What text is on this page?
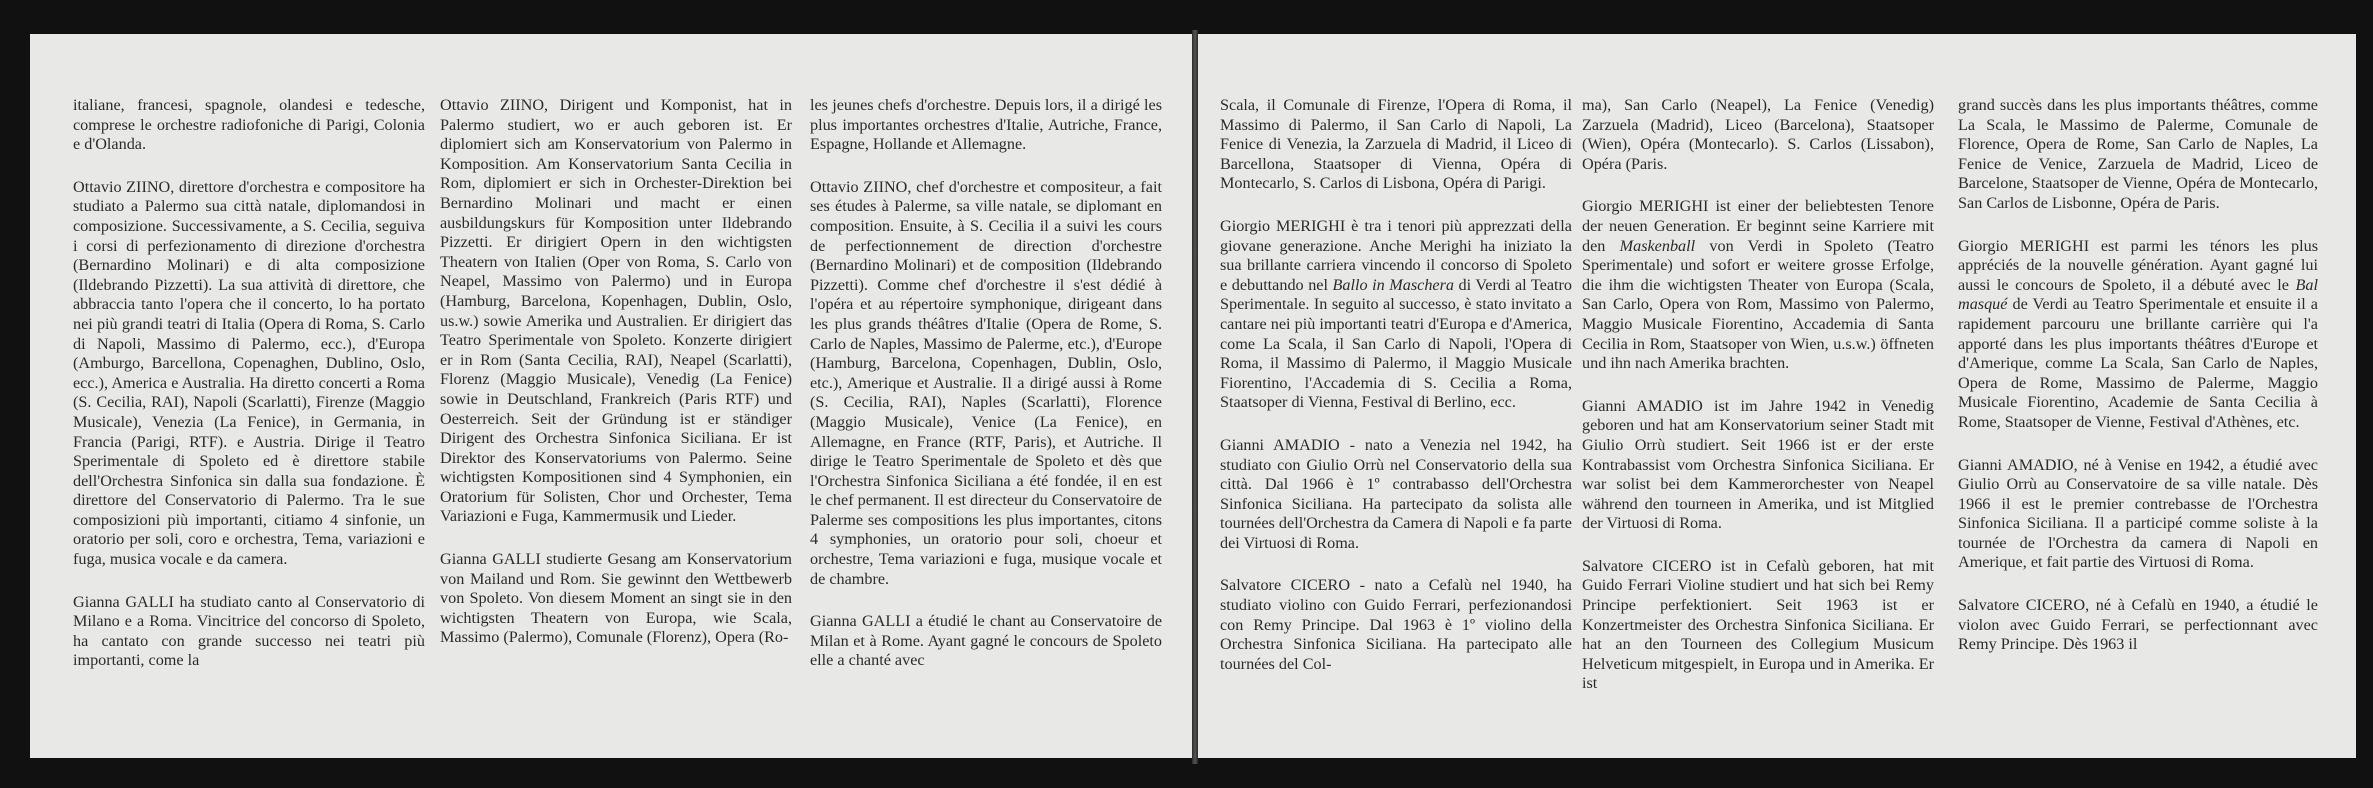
italiane, francesi, spagnole, olandesi e tedesche, comprese le orchestre radiofoniche di Parigi, Colonia e d'Olanda.

Ottavio ZIINO, direttore d'orchestra e compositore ha studiato a Palermo sua città natale, diplomandosi in composizione. Successivamente, a S. Cecilia, seguiva i corsi di perfezionamento di direzione d'orchestra (Bernardino Molinari) e di alta composizione (Ildebrando Pizzetti). La sua attività di direttore, che abbraccia tanto l'opera che il concerto, lo ha portato nei più grandi teatri di Italia (Opera di Roma, S. Carlo di Napoli, Massimo di Palermo, ecc.), d'Europa (Amburgo, Barcellona, Copenaghen, Dublino, Oslo, ecc.), America e Australia. Ha diretto concerti a Roma (S. Cecilia, RAI), Napoli (Scarlatti), Firenze (Maggio Musicale), Venezia (La Fenice), in Germania, in Francia (Parigi, RTF). e Austria. Dirige il Teatro Sperimentale di Spoleto ed è direttore stabile dell'Orchestra Sinfonica sin dalla sua fondazione. È direttore del Conservatorio di Palermo. Tra le sue composizioni più importanti, citiamo 4 sinfonie, un oratorio per soli, coro e orchestra, Tema, variazioni e fuga, musica vocale e da camera.

Gianna GALLI ha studiato canto al Conservatorio di Milano e a Roma. Vincitrice del concorso di Spoleto, ha cantato con grande successo nei teatri più importanti, come la

Ottavio ZIINO, Dirigent und Komponist, hat in Palermo studiert, wo er auch geboren ist. Er diplomiert sich am Konservatorium von Palermo in Komposition. Am Konservatorium Santa Cecilia in Rom, diplomiert er sich in Orchester-Direktion bei Bernardino Molinari und macht er einen ausbildungskurs für Komposition unter Ildebrando Pizzetti. Er dirigiert Opern in den wichtigsten Theatern von Italien (Oper von Roma, S. Carlo von Neapel, Massimo von Palermo) und in Europa (Hamburg, Barcelona, Kopenhagen, Dublin, Oslo, us.w.) sowie Amerika und Australien. Er dirigiert das Teatro Sperimentale von Spoleto. Konzerte dirigiert er in Rom (Santa Cecilia, RAI), Neapel (Scarlatti), Florenz (Maggio Musicale), Venedig (La Fenice) sowie in Deutschland, Frankreich (Paris RTF) und Oesterreich. Seit der Gründung ist er ständiger Dirigent des Orchestra Sinfonica Siciliana. Er ist Direktor des Konservatoriums von Palermo. Seine wichtigsten Kompositionen sind 4 Symphonien, ein Oratorium für Solisten, Chor und Orchester, Tema Variazioni e Fuga, Kammermusik und Lieder.

Gianna GALLI studierte Gesang am Konservatorium von Mailand und Rom. Sie gewinnt den Wettbewerb von Spoleto. Von diesem Moment an singt sie in den wichtigsten Theatern von Europa, wie Scala, Massimo (Palermo), Comunale (Florenz), Opera (Ro-

les jeunes chefs d'orchestre. Depuis lors, il a dirigé les plus importantes orchestres d'Italie, Autriche, France, Espagne, Hollande et Allemagne.

Ottavio ZIINO, chef d'orchestre et compositeur, a fait ses études à Palerme, sa ville natale, se diplomant en composition. Ensuite, à S. Cecilia il a suivi les cours de perfectionnement de direction d'orchestre (Bernardino Molinari) et de composition (Ildebrando Pizzetti). Comme chef d'orchestre il s'est dédié à l'opéra et au répertoire symphonique, dirigeant dans les plus grands théâtres d'Italie (Opera de Rome, S. Carlo de Naples, Massimo de Palerme, etc.), d'Europe (Hamburg, Barcelona, Copenhagen, Dublin, Oslo, etc.), Amerique et Australie. Il a dirigé aussi à Rome (S. Cecilia, RAI), Naples (Scarlatti), Florence (Maggio Musicale), Venice (La Fenice), en Allemagne, en France (RTF, Paris), et Autriche. Il dirige le Teatro Sperimentale de Spoleto et dès que l'Orchestra Sinfonica Siciliana a été fondée, il en est le chef permanent. Il est directeur du Conservatoire de Palerme ses compositions les plus importantes, citons 4 symphonies, un oratorio pour soli, choeur et orchestre, Tema variazioni e fuga, musique vocale et de chambre.

Gianna GALLI a étudié le chant au Conservatoire de Milan et à Rome. Ayant gagné le concours de Spoleto elle a chanté avec

Scala, il Comunale di Firenze, l'Opera di Roma, il Massimo di Palermo, il San Carlo di Napoli, La Fenice di Venezia, la Zarzuela di Madrid, il Liceo di Barcellona, Staatsoper di Vienna, Opéra di Montecarlo, S. Carlos di Lisbona, Opéra di Parigi.

Giorgio MERIGHI è tra i tenori più apprezzati della giovane generazione. Anche Merighi ha iniziato la sua brillante carriera vincendo il concorso di Spoleto e debuttando nel Ballo in Maschera di Verdi al Teatro Sperimentale. In seguito al successo, è stato invitato a cantare nei più importanti teatri d'Europa e d'America, come La Scala, il San Carlo di Napoli, l'Opera di Roma, il Massimo di Palermo, il Maggio Musicale Fiorentino, l'Accademia di S. Cecilia a Roma, Staatsoper di Vienna, Festival di Berlino, ecc.

Gianni AMADIO - nato a Venezia nel 1942, ha studiato con Giulio Orrù nel Conservatorio della sua città. Dal 1966 è 1º contrabasso dell'Orchestra Sinfonica Siciliana. Ha partecipato da solista alle tournées dell'Orchestra da Camera di Napoli e fa parte dei Virtuosi di Roma.

Salvatore CICERO - nato a Cefalù nel 1940, ha studiato violino con Guido Ferrari, perfezionandosi con Remy Principe. Dal 1963 è 1º violino della Orchestra Sinfonica Siciliana. Ha partecipato alle tournées del Col-

ma), San Carlo (Neapel), La Fenice (Venedig) Zarzuela (Madrid), Liceo (Barcelona), Staatsoper (Wien), Opéra (Montecarlo). S. Carlos (Lissabon), Opéra (Paris.

Giorgio MERIGHI ist einer der beliebtesten Tenore der neuen Generation. Er beginnt seine Karriere mit den Maskenball von Verdi in Spoleto (Teatro Sperimentale) und sofort er weitere grosse Erfolge, die ihm die wichtigsten Theater von Europa (Scala, San Carlo, Opera von Rom, Massimo von Palermo, Maggio Musicale Fiorentino, Accademia di Santa Cecilia in Rom, Staatsoper von Wien, u.s.w.) öffneten und ihn nach Amerika brachten.

Gianni AMADIO ist im Jahre 1942 in Venedig geboren und hat am Konservatorium seiner Stadt mit Giulio Orrù studiert. Seit 1966 ist er der erste Kontrabassist vom Orchestra Sinfonica Siciliana. Er war solist bei dem Kammerorchester von Neapel während den tourneen in Amerika, und ist Mitglied der Virtuosi di Roma.

Salvatore CICERO ist in Cefalù geboren, hat mit Guido Ferrari Violine studiert und hat sich bei Remy Principe perfektioniert. Seit 1963 ist er Konzertmeister des Orchestra Sinfonica Siciliana. Er hat an den Tourneen des Collegium Musicum Helveticum mitgespielt, in Europa und in Amerika. Er ist

grand succès dans les plus importants théâtres, comme La Scala, le Massimo de Palerme, Comunale de Florence, Opera de Rome, San Carlo de Naples, La Fenice de Venice, Zarzuela de Madrid, Liceo de Barcelone, Staatsoper de Vienne, Opéra de Montecarlo, San Carlos de Lisbonne, Opéra de Paris.

Giorgio MERIGHI est parmi les ténors les plus appréciés de la nouvelle génération. Ayant gagné lui aussi le concours de Spoleto, il a débuté avec le Bal masqué de Verdi au Teatro Sperimentale et ensuite il a rapidement parcouru une brillante carrière qui l'a apporté dans les plus importants théâtres d'Europe et d'Amerique, comme La Scala, San Carlo de Naples, Opera de Rome, Massimo de Palerme, Maggio Musicale Fiorentino, Academie de Santa Cecilia à Rome, Staatsoper de Vienne, Festival d'Athènes, etc.

Gianni AMADIO, né à Venise en 1942, a étudié avec Giulio Orrù au Conservatoire de sa ville natale. Dès 1966 il est le premier contrebasse de l'Orchestra Sinfonica Siciliana. Il a participé comme soliste à la tournée de l'Orchestra da camera di Napoli en Amerique, et fait partie des Virtuosi di Roma.

Salvatore CICERO, né à Cefalù en 1940, a étudié le violon avec Guido Ferrari, se perfectionnant avec Remy Principe. Dès 1963 il
